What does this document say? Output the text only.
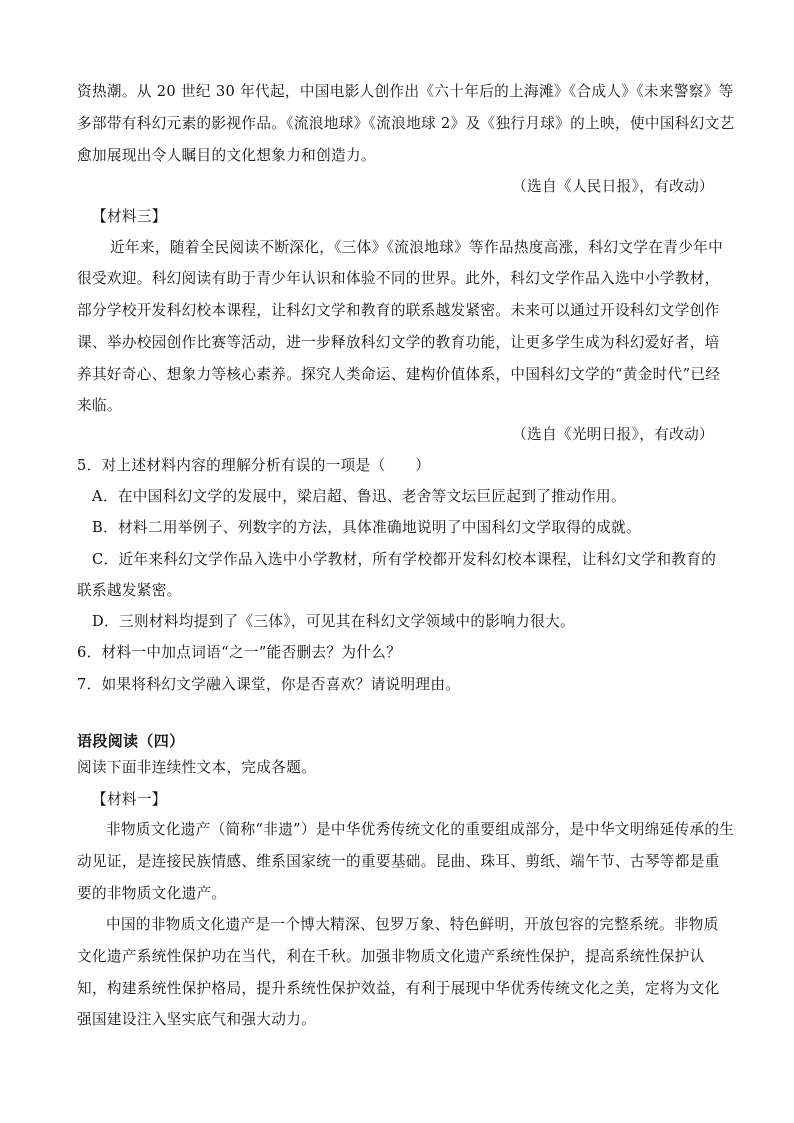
资热潮。从 20 世纪 30 年代起，中国电影人创作出《六十年后的上海滩》《合成人》《未来警察》等
多部带有科幻元素的影视作品。《流浪地球》《流浪地球 2》及《独行月球》的上映，使中国科幻文艺
愈加展现出令人瞩目的文化想象力和创造力。
（选自《人民日报》，有改动）
【材料三】
近年来，随着全民阅读不断深化，《三体》《流浪地球》等作品热度高涨，科幻文学在青少年中
很受欢迎。科幻阅读有助于青少年认识和体验不同的世界。此外，科幻文学作品入选中小学教材，
部分学校开发科幻校本课程，让科幻文学和教育的联系越发紧密。未来可以通过开设科幻文学创作
课、举办校园创作比赛等活动，进一步释放科幻文学的教育功能，让更多学生成为科幻爱好者，培
养其好奇心、想象力等核心素养。探究人类命运、建构价值体系，中国科幻文学的“黄金时代”已经
来临。
（选自《光明日报》，有改动）
5．对上述材料内容的理解分析有误的一项是（　　）
A．在中国科幻文学的发展中，梁启超、鲁迅、老舍等文坛巨匠起到了推动作用。
B．材料二用举例子、列数字的方法，具体准确地说明了中国科幻文学取得的成就。
C．近年来科幻文学作品入选中小学教材，所有学校都开发科幻校本课程，让科幻文学和教育的
联系越发紧密。
D．三则材料均提到了《三体》，可见其在科幻文学领域中的影响力很大。
6．材料一中加点词语“之一”能否删去？为什么？
7．如果将科幻文学融入课堂，你是否喜欢？请说明理由。
语段阅读（四）
阅读下面非连续性文本，完成各题。
【材料一】
非物质文化遗产（简称“非遗”）是中华优秀传统文化的重要组成部分，是中华文明绵延传承的生
动见证，是连接民族情感、维系国家统一的重要基础。昆曲、珠耳、剪纸、端午节、古琴等都是重
要的非物质文化遗产。
中国的非物质文化遗产是一个博大精深、包罗万象、特色鲜明，开放包容的完整系统。非物质
文化遗产系统性保护功在当代，利在千秋。加强非物质文化遗产系统性保护，提高系统性保护认
知，构建系统性保护格局，提升系统性保护效益，有利于展现中华优秀传统文化之美，定将为文化
强国建设注入坚实底气和强大动力。
